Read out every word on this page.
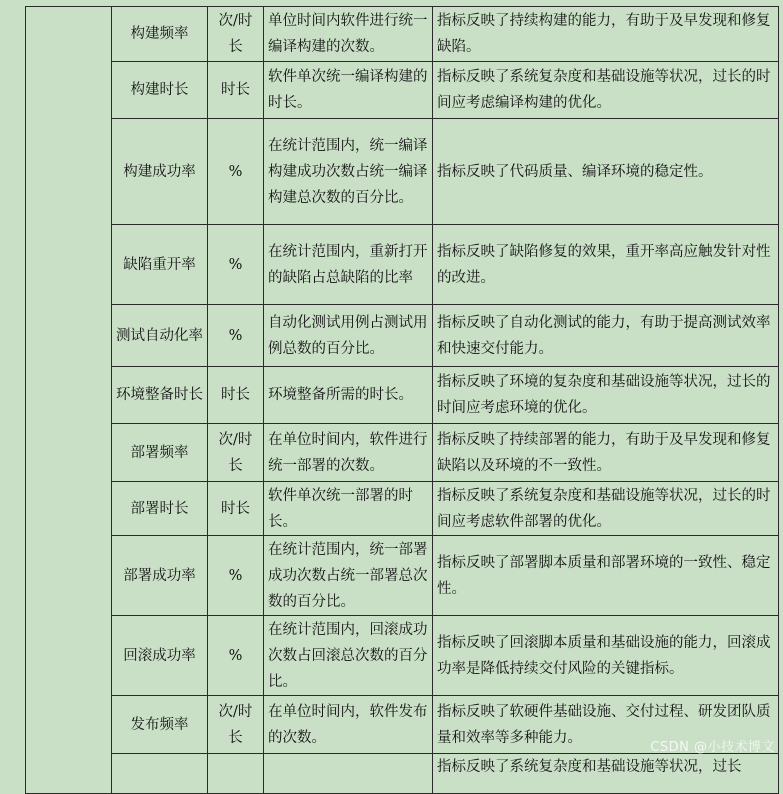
	构建频率	次/时长	单位时间内软件进行统一编译构建的次数。	指标反映了持续构建的能力，有助于及早发现和修复缺陷。
	构建时长	时长	软件单次统一编译构建的时长。	指标反映了系统复杂度和基础设施等状况，过长的时间应考虑编译构建的优化。
	构建成功率	%	在统计范围内，统一编译构建成功次数占统一编译构建总次数的百分比。	指标反映了代码质量、编译环境的稳定性。
	缺陷重开率	%	在统计范围内，重新打开的缺陷占总缺陷的比率	指标反映了缺陷修复的效果，重开率高应触发针对性的改进。
	测试自动化率	%	自动化测试用例占测试用例总数的百分比。	指标反映了自动化测试的能力，有助于提高测试效率和快速交付能力。
	环境整备时长	时长	环境整备所需的时长。	指标反映了环境的复杂度和基础设施等状况，过长的时间应考虑环境的优化。
	部署频率	次/时长	在单位时间内，软件进行统一部署的次数。	指标反映了持续部署的能力，有助于及早发现和修复缺陷以及环境的不一致性。
	部署时长	时长	软件单次统一部署的时长。	指标反映了系统复杂度和基础设施等状况，过长的时间应考虑软件部署的优化。
	部署成功率	%	在统计范围内，统一部署成功次数占统一部署总次数的百分比。	指标反映了部署脚本质量和部署环境的一致性、稳定性。
	回滚成功率	%	在统计范围内，回滚成功次数占回滚总次数的百分比。	指标反映了回滚脚本质量和基础设施的能力，回滚成功率是降低持续交付风险的关键指标。
	发布频率	次/时长	在单位时间内，软件发布的次数。	指标反映了软硬件基础设施、交付过程、研发团队质量和效率等多种能力。
				指标反映了系统复杂度和基础设施等状况，过长
CSDN @小技术博文
